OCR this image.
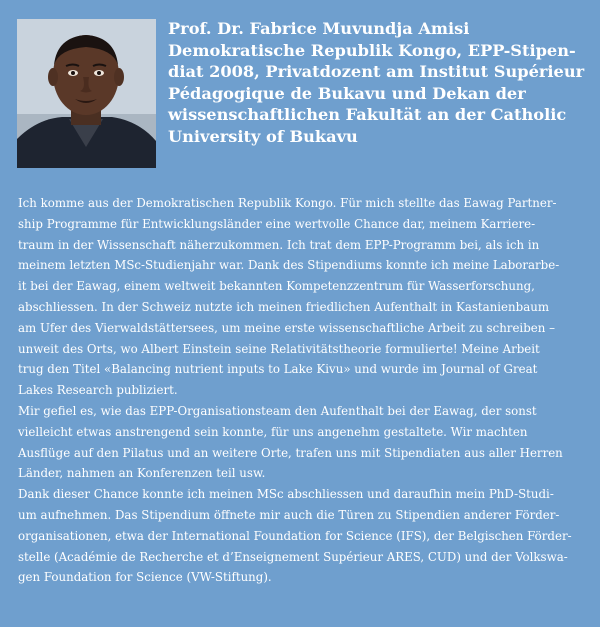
Prof. Dr. Fabrice Muvundja Amisi
Demokratische Republik Kongo, EPP-Stipen-
diat 2008, Privatdozent am Institut Supérieur
Pédagogique de Bukavu und Dekan der
wissenschaftlichen Fakultät an der Catholic
University of Bukavu
Ich komme aus der Demokratischen Republik Kongo. Für mich stellte das Eawag Partner-
ship Programme für Entwicklungsländer eine wertvolle Chance dar, meinem Karriere-
traum in der Wissenschaft näherzukommen. Ich trat dem EPP-Programm bei, als ich in
meinem letzten MSc-Studienjahr war. Dank des Stipendiums konnte ich meine Laborarbe-
it bei der Eawag, einem weltweit bekannten Kompetenzzentrum für Wasserforschung,
abschliessen. In der Schweiz nutzte ich meinen friedlichen Aufenthalt in Kastanienbaum
am Ufer des Vierwaldstättersees, um meine erste wissenschaftliche Arbeit zu schreiben –
unweit des Orts, wo Albert Einstein seine Relativitätstheorie formulierte! Meine Arbeit
trug den Titel «Balancing nutrient inputs to Lake Kivu» und wurde im Journal of Great
Lakes Research publiziert.
Mir gefiel es, wie das EPP-Organisationsteam den Aufenthalt bei der Eawag, der sonst
vielleicht etwas anstrengend sein konnte, für uns angenehm gestaltete. Wir machten
Ausflüge auf den Pilatus und an weitere Orte, trafen uns mit Stipendiaten aus aller Herren
Länder, nahmen an Konferenzen teil usw.
Dank dieser Chance konnte ich meinen MSc abschliessen und daraufhin mein PhD-Studi-
um aufnehmen. Das Stipendium öffnete mir auch die Türen zu Stipendien anderer Förder-
organisationen, etwa der International Foundation for Science (IFS), der Belgischen Förder-
stelle (Académie de Recherche et d’Enseignement Supérieur ARES, CUD) und der Volkswa-
gen Foundation for Science (VW-Stiftung).
